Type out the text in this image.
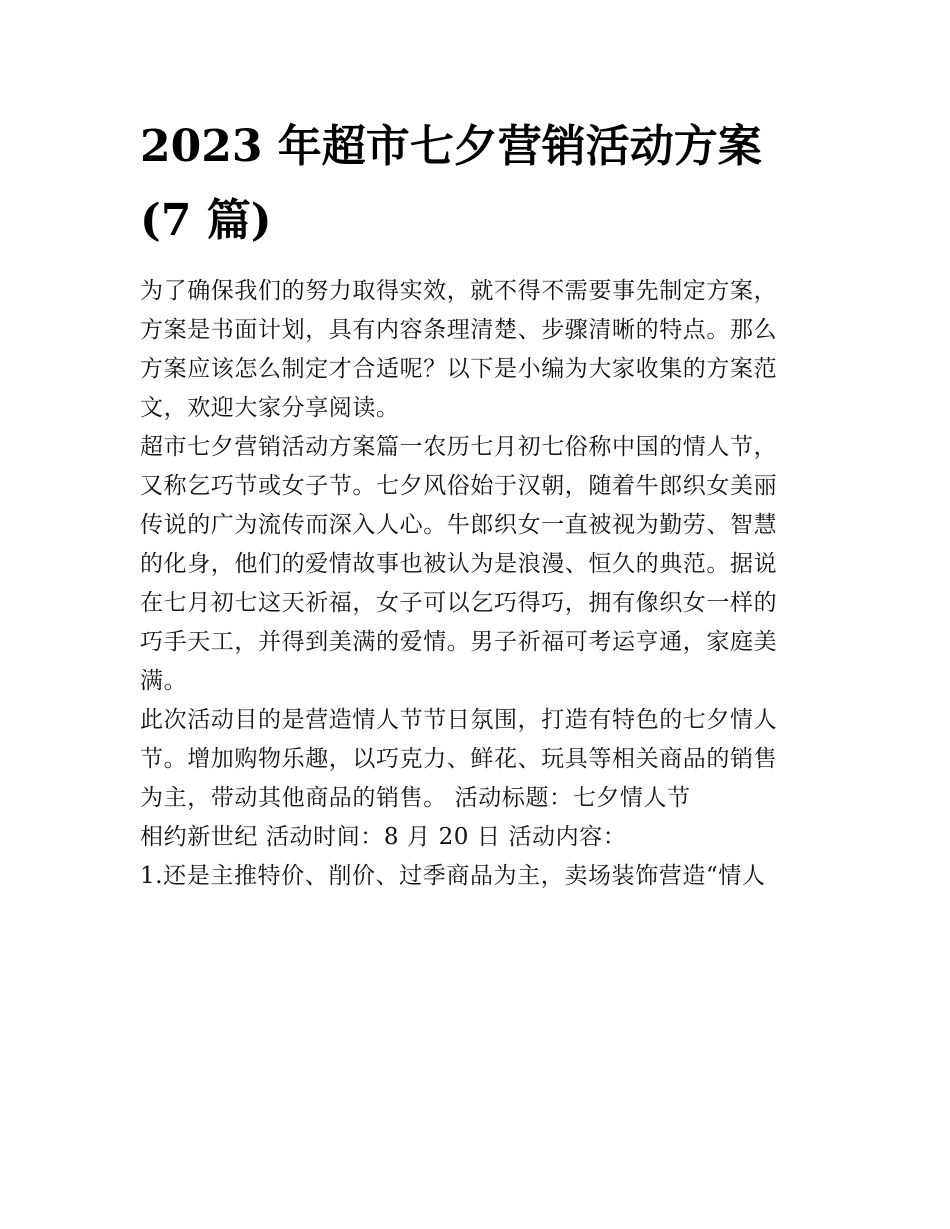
2023 年超市七夕营销活动方案
(7 篇)
为了确保我们的努力取得实效，就不得不需要事先制定方案，
方案是书面计划，具有内容条理清楚、步骤清晰的特点。那么
方案应该怎么制定才合适呢？以下是小编为大家收集的方案范
文，欢迎大家分享阅读。
超市七夕营销活动方案篇一农历七月初七俗称中国的情人节，
又称乞巧节或女子节。七夕风俗始于汉朝，随着牛郎织女美丽
传说的广为流传而深入人心。牛郎织女一直被视为勤劳、智慧
的化身，他们的爱情故事也被认为是浪漫、恒久的典范。据说
在七月初七这天祈福，女子可以乞巧得巧，拥有像织女一样的
巧手天工，并得到美满的爱情。男子祈福可考运亨通，家庭美
满。
此次活动目的是营造情人节节日氛围，打造有特色的七夕情人
节。增加购物乐趣，以巧克力、鲜花、玩具等相关商品的销售
为主，带动其他商品的销售。 活动标题：七夕情人节
相约新世纪 活动时间：8 月 20 日 活动内容：
1.还是主推特价、削价、过季商品为主，卖场装饰营造“情人
